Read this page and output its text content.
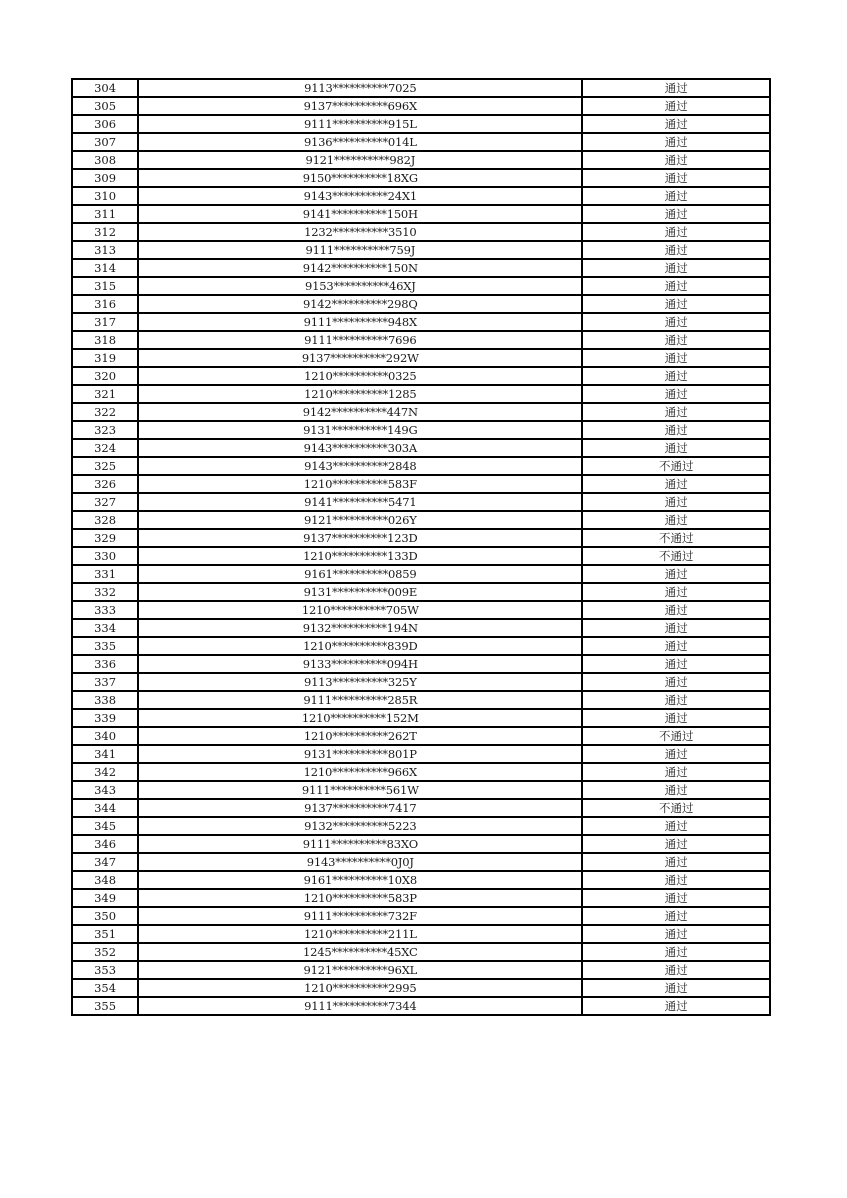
304	9113**********7025	通过
305	9137**********696X	通过
306	9111**********915L	通过
307	9136**********014L	通过
308	9121**********982J	通过
309	9150**********18XG	通过
310	9143**********24X1	通过
311	9141**********150H	通过
312	1232**********3510	通过
313	9111**********759J	通过
314	9142**********150N	通过
315	9153**********46XJ	通过
316	9142**********298Q	通过
317	9111**********948X	通过
318	9111**********7696	通过
319	9137**********292W	通过
320	1210**********0325	通过
321	1210**********1285	通过
322	9142**********447N	通过
323	9131**********149G	通过
324	9143**********303A	通过
325	9143**********2848	不通过
326	1210**********583F	通过
327	9141**********5471	通过
328	9121**********026Y	通过
329	9137**********123D	不通过
330	1210**********133D	不通过
331	9161**********0859	通过
332	9131**********009E	通过
333	1210**********705W	通过
334	9132**********194N	通过
335	1210**********839D	通过
336	9133**********094H	通过
337	9113**********325Y	通过
338	9111**********285R	通过
339	1210**********152M	通过
340	1210**********262T	不通过
341	9131**********801P	通过
342	1210**********966X	通过
343	9111**********561W	通过
344	9137**********7417	不通过
345	9132**********5223	通过
346	9111**********83XO	通过
347	9143**********0J0J	通过
348	9161**********10X8	通过
349	1210**********583P	通过
350	9111**********732F	通过
351	1210**********211L	通过
352	1245**********45XC	通过
353	9121**********96XL	通过
354	1210**********2995	通过
355	9111**********7344	通过
